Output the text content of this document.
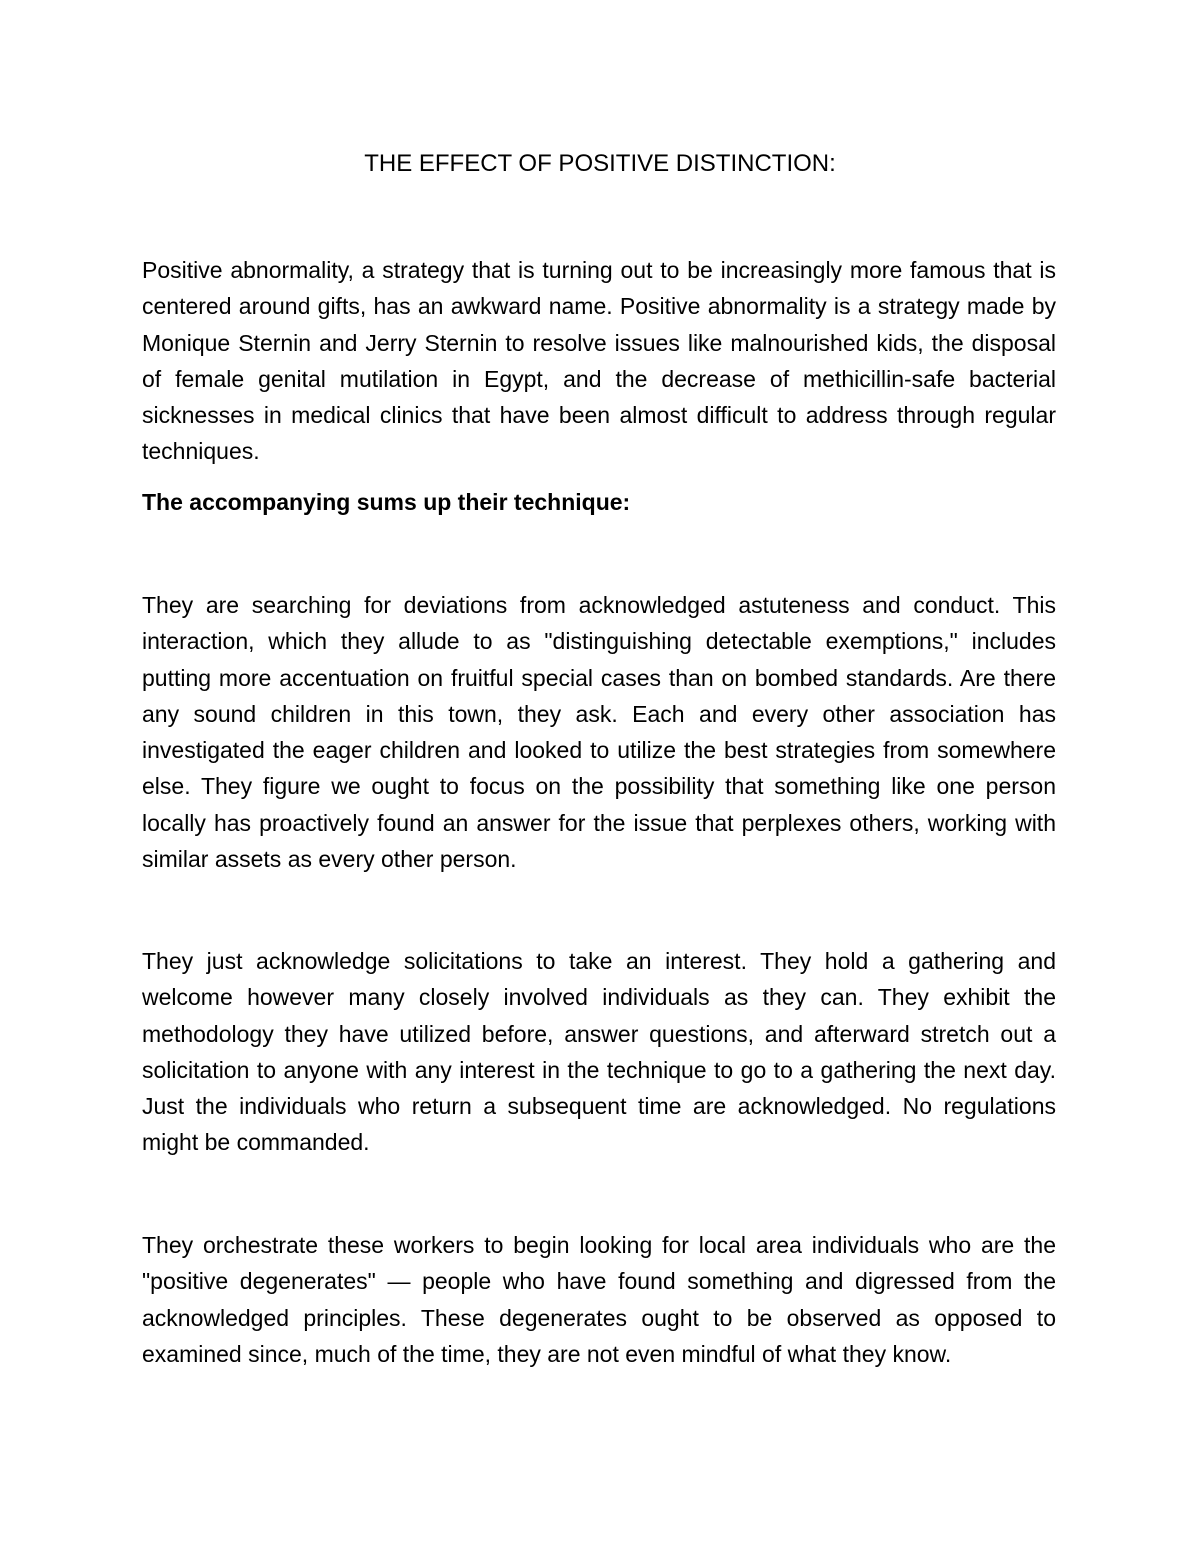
THE EFFECT OF POSITIVE DISTINCTION:

Positive abnormality, a strategy that is turning out to be increasingly more famous that is centered around gifts, has an awkward name. Positive abnormality is a strategy made by Monique Sternin and Jerry Sternin to resolve issues like malnourished kids, the disposal of female genital mutilation in Egypt, and the decrease of methicillin-safe bacterial sicknesses in medical clinics that have been almost difficult to address through regular techniques.

The accompanying sums up their technique:

They are searching for deviations from acknowledged astuteness and conduct. This interaction, which they allude to as "distinguishing detectable exemptions," includes putting more accentuation on fruitful special cases than on bombed standards. Are there any sound children in this town, they ask. Each and every other association has investigated the eager children and looked to utilize the best strategies from somewhere else. They figure we ought to focus on the possibility that something like one person locally has proactively found an answer for the issue that perplexes others, working with similar assets as every other person.

They just acknowledge solicitations to take an interest. They hold a gathering and welcome however many closely involved individuals as they can. They exhibit the methodology they have utilized before, answer questions, and afterward stretch out a solicitation to anyone with any interest in the technique to go to a gathering the next day. Just the individuals who return a subsequent time are acknowledged. No regulations might be commanded.

They orchestrate these workers to begin looking for local area individuals who are the "positive degenerates" — people who have found something and digressed from the acknowledged principles. These degenerates ought to be observed as opposed to examined since, much of the time, they are not even mindful of what they know.
